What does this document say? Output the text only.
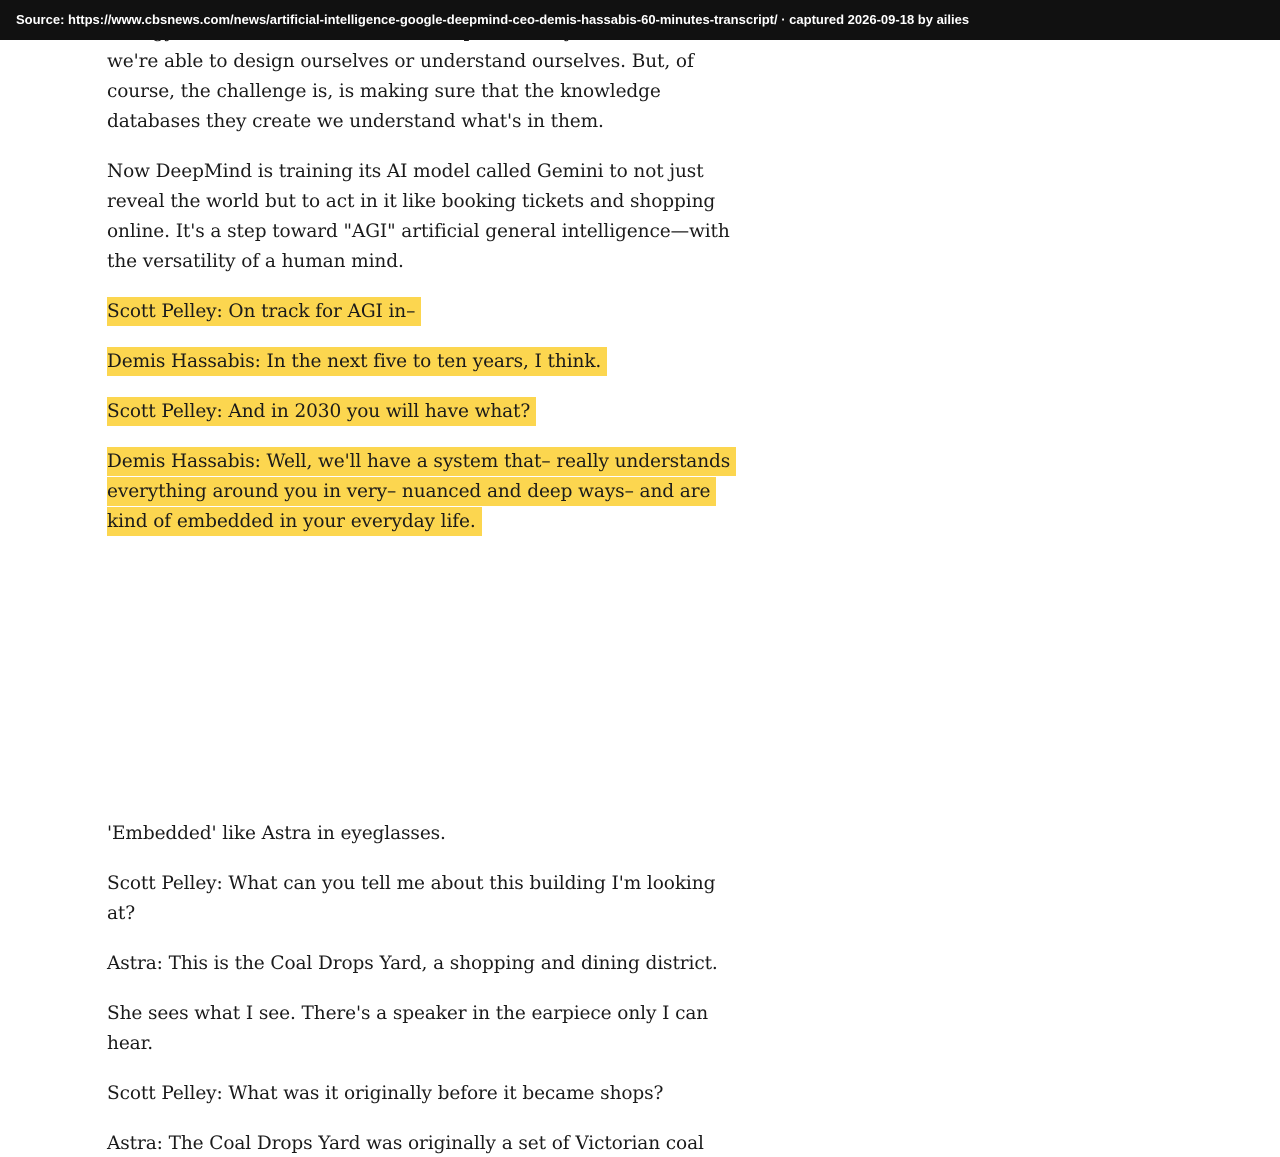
Source: https://www.cbsnews.com/news/artificial-intelligence-google-deepmind-ceo-demis-hassabis-60-minutes-transcript/ · captured 2026-09-18 by ailies

we're able to design ourselves or understand ourselves. But, of course, the challenge is, is making sure that the knowledge databases they create we understand what's in them.

Now DeepMind is training its AI model called Gemini to not just reveal the world but to act in it like booking tickets and shopping online. It's a step toward "AGI" artificial general intelligence—with the versatility of a human mind.

Scott Pelley: On track for AGI in–

Demis Hassabis: In the next five to ten years, I think.

Scott Pelley: And in 2030 you will have what?

Demis Hassabis: Well, we'll have a system that– really understands everything around you in very– nuanced and deep ways– and are kind of embedded in your everyday life.

'Embedded' like Astra in eyeglasses.

Scott Pelley: What can you tell me about this building I'm looking at?

Astra: This is the Coal Drops Yard, a shopping and dining district.

She sees what I see. There's a speaker in the earpiece only I can hear.

Scott Pelley: What was it originally before it became shops?

Astra: The Coal Drops Yard was originally a set of Victorian coal
